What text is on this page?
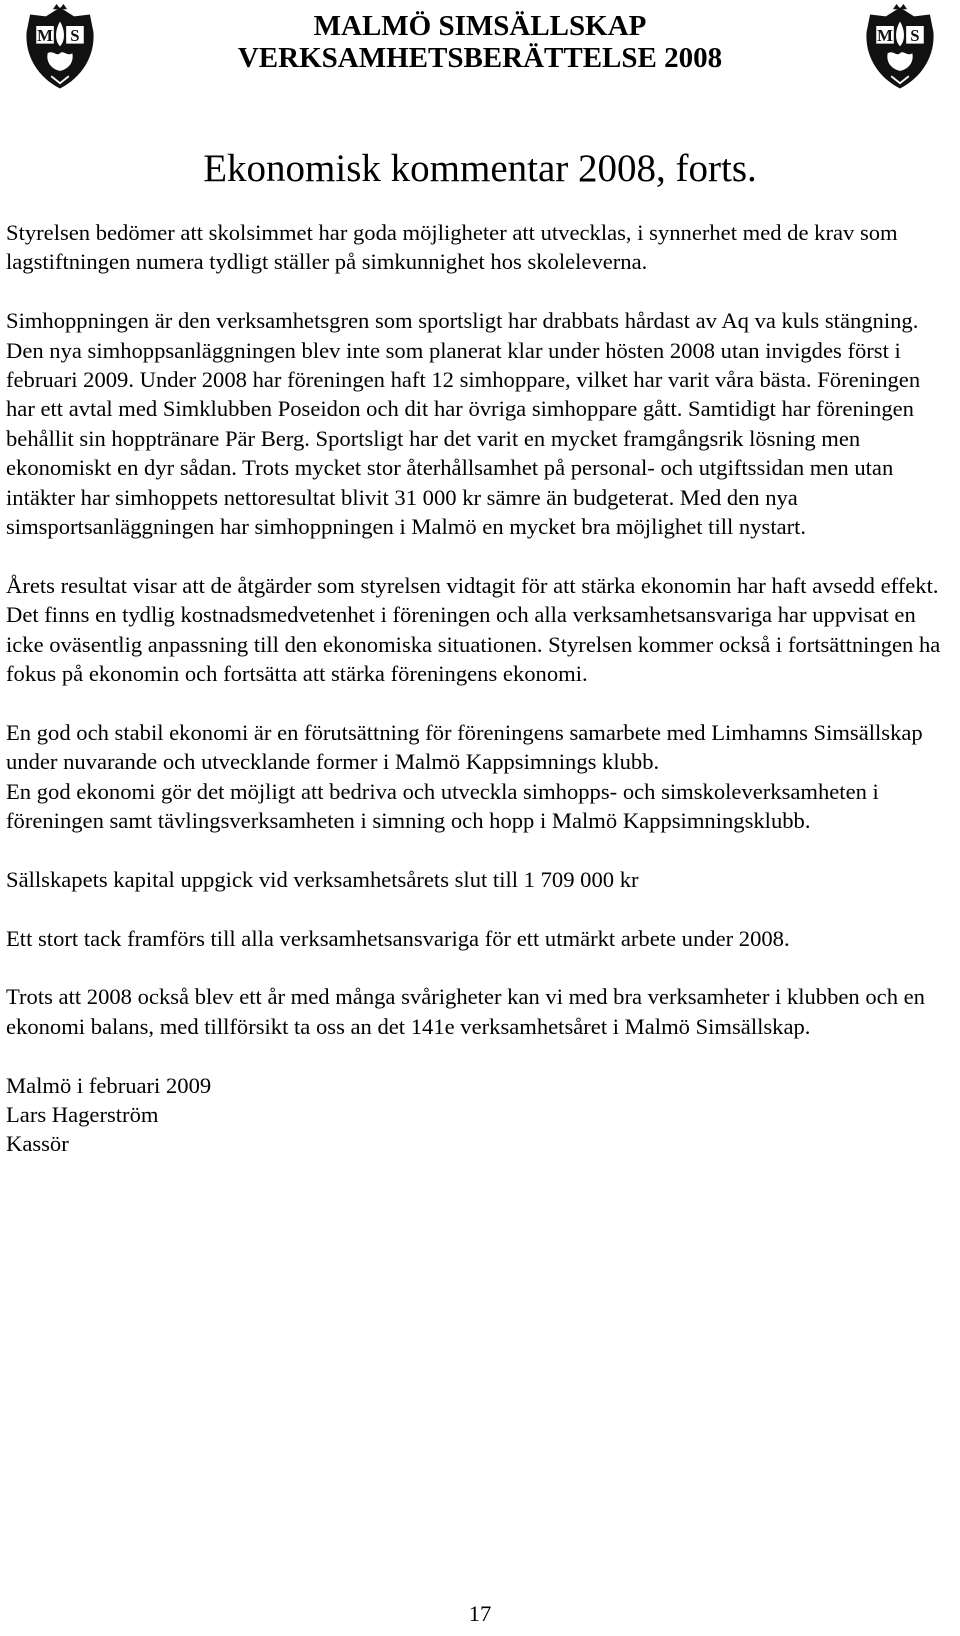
M S	M S
MALMÖ SIMSÄLLSKAP
VERKSAMHETSBERÄTTELSE 2008
Ekonomisk kommentar 2008, forts.

Styrelsen bedömer att skolsimmet har goda möjligheter att utvecklas, i synnerhet med de krav som lagstiftningen numera tydligt ställer på simkunnighet hos skoleleverna.

Simhoppningen är den verksamhetsgren som sportsligt har drabbats hårdast av Aq va kuls stängning. Den nya simhoppsanläggningen blev inte som planerat klar under hösten 2008 utan invigdes först i februari 2009. Under 2008 har föreningen haft 12 simhoppare, vilket har varit våra bästa. Föreningen har ett avtal med Simklubben Poseidon och dit har övriga simhoppare gått. Samtidigt har föreningen behållit sin hopptränare Pär Berg. Sportsligt har det varit en mycket framgångsrik lösning men ekonomiskt en dyr sådan. Trots mycket stor återhållsamhet på personal- och utgiftssidan men utan intäkter har simhoppets nettoresultat blivit 31 000 kr sämre än budgeterat. Med den nya simsportsanläggningen har simhoppningen i Malmö en mycket bra möjlighet till nystart.

Årets resultat visar att de åtgärder som styrelsen vidtagit för att stärka ekonomin har haft avsedd effekt. Det finns en tydlig kostnadsmedvetenhet i föreningen och alla verksamhetsansvariga har uppvisat en icke oväsentlig anpassning till den ekonomiska situationen. Styrelsen kommer också i fortsättningen ha fokus på ekonomin och fortsätta att stärka föreningens ekonomi.

En god och stabil ekonomi är en förutsättning för föreningens samarbete med Limhamns Simsällskap under nuvarande och utvecklande former i Malmö Kappsimnings klubb.

En god ekonomi gör det möjligt att bedriva och utveckla simhopps- och simskoleverksamheten i föreningen samt tävlingsverksamheten i simning och hopp i Malmö Kappsimningsklubb.

Sällskapets kapital uppgick vid verksamhetsårets slut till 1 709 000 kr

Ett stort tack framförs till alla verksamhetsansvariga för ett utmärkt arbete under 2008.

Trots att 2008 också blev ett år med många svårigheter kan vi med bra verksamheter i klubben och en ekonomi balans, med tillförsikt ta oss an det 141e verksamhetsåret i Malmö Simsällskap.

Malmö i februari 2009
Lars Hagerström
Kassör

17
